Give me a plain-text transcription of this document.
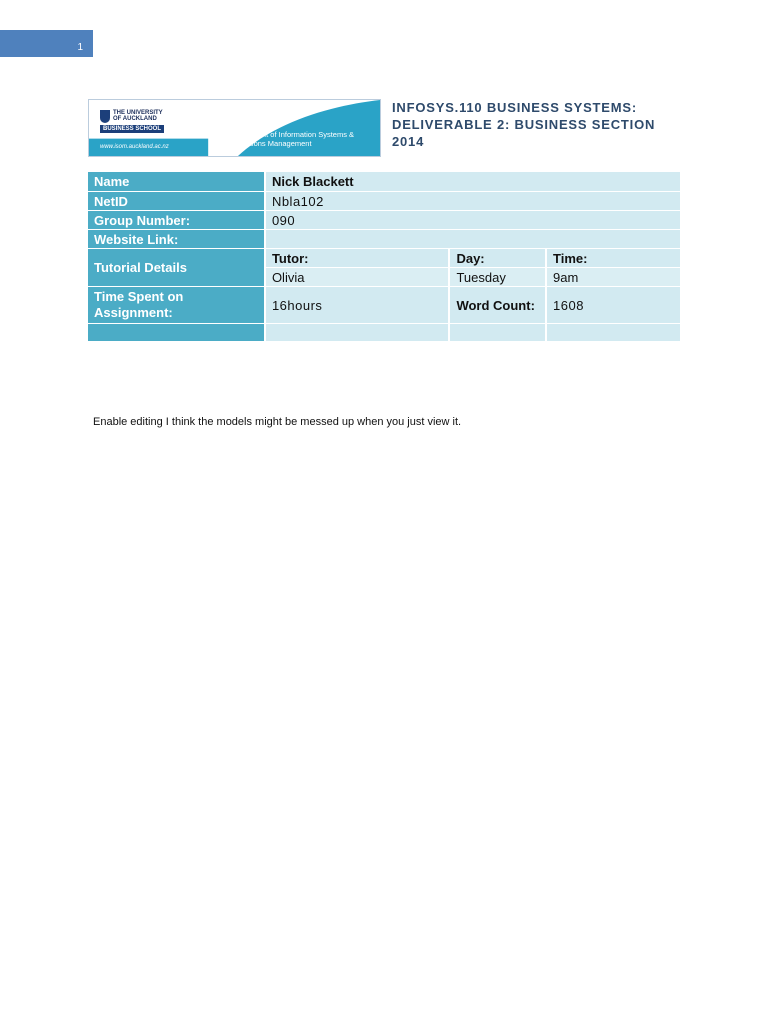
1
THE UNIVERSITY
OF AUCKLAND
BUSINESS SCHOOL
www.isom.auckland.ac.nz
ISOM
Department of Information Systems &
Operations Management
INFOSYS.110 BUSINESS SYSTEMS:
DELIVERABLE 2: BUSINESS SECTION
2014
Name	Nick Blackett		
NetID	Nbla102		
Group Number:	090		
Website Link:			
Tutorial Details	Tutor:	Day:	Time:
	Olivia	Tuesday	9am
Time Spent on Assignment:	16hours	Word Count:	1608

Enable editing I think the models might be messed up when you just view it.
